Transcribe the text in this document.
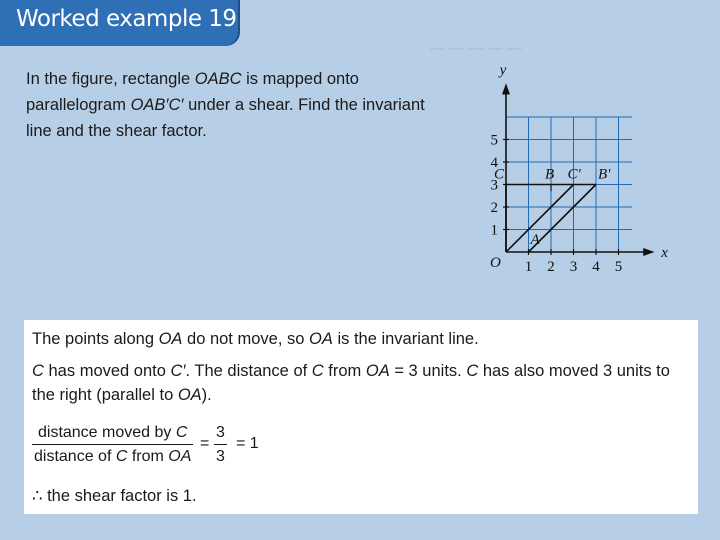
— — — — —
Worked example 19

In the figure, rectangle OABC is mapped onto

parallelogram OAB′C′ under a shear. Find the invariant

line and the shear factor.

x
y
O 1 2 3 4 5
1
2
3
4
5
C	B C' B'
A
The points along OA do not move, so OA is the invariant line.
C has moved onto C′. The distance of C from OA = 3 units. C has also moved 3 units to
the right (parallel to OA).
distance moved by C
distance of C from OA
= $\frac{3}{3} = 1$
∴ the shear factor is 1.
